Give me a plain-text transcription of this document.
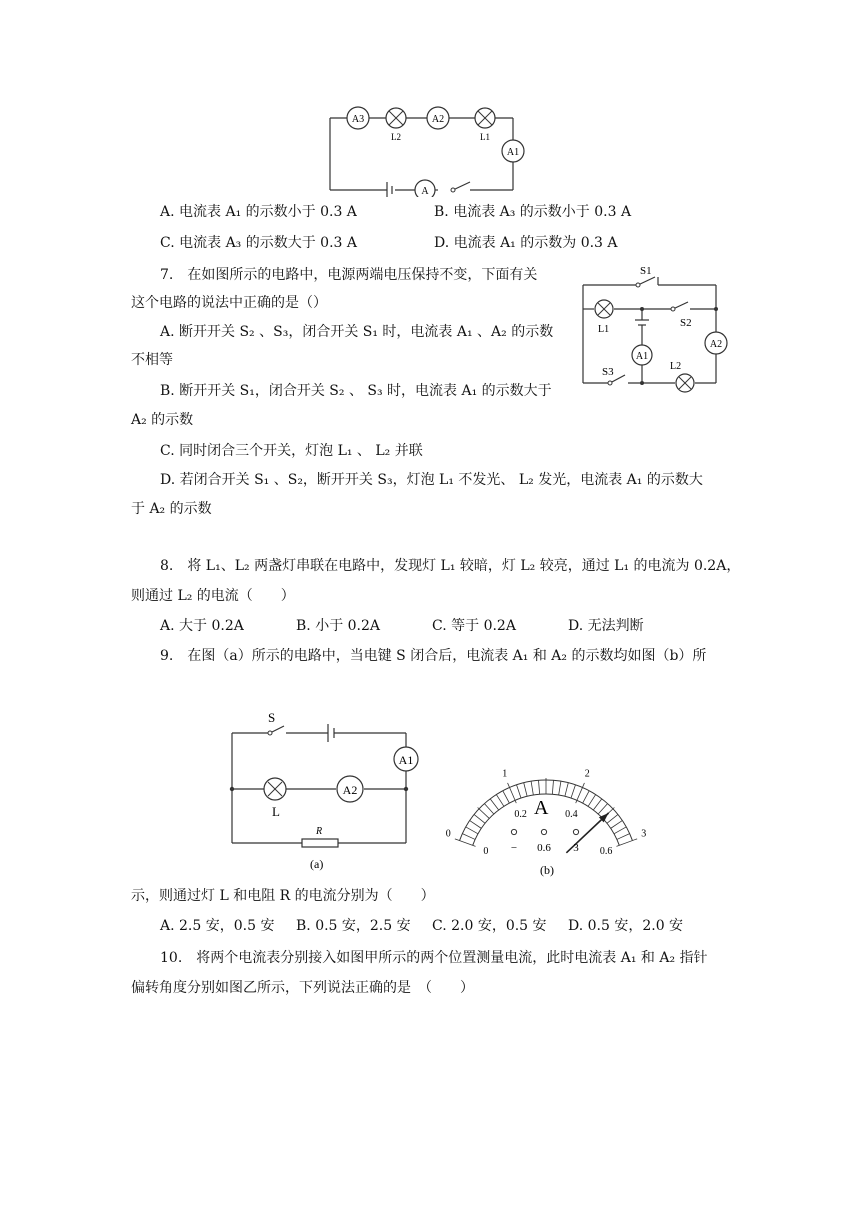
A3
L2
A2
L1
A1
A
A. 电流表 A₁ 的示数小于 0.3 A	B. 电流表 A₃ 的示数小于 0.3 A
C. 电流表 A₃ 的示数大于 0.3 A	D. 电流表 A₁ 的示数为 0.3 A
7.　在如图所示的电路中，电源两端电压保持不变，下面有关
这个电路的说法中正确的是（）
A. 断开开关 S₂ 、S₃，闭合开关 S₁ 时，电流表 A₁ 、A₂ 的示数
不相等
B. 断开开关 S₁，闭合开关 S₂ 、 S₃ 时，电流表 A₁ 的示数大于
A₂ 的示数
C. 同时闭合三个开关，灯泡 L₁ 、 L₂ 并联
D. 若闭合开关 S₁ 、S₂，断开开关 S₃，灯泡 L₁ 不发光、 L₂ 发光，电流表 A₁ 的示数大
于 A₂ 的示数
S1
S2
S3
L1
A1
A2
L2
8.　将 L₁、L₂ 两盏灯串联在电路中，发现灯 L₁ 较暗，灯 L₂ 较亮，通过 L₁ 的电流为 0.2A，
则通过 L₂ 的电流（　　）
A. 大于 0.2A	B. 小于 0.2A	C. 等于 0.2A	D. 无法判断
9.　在图（a）所示的电路中，当电键 S 闭合后，电流表 A₁ 和 A₂ 的示数均如图（b）所
S
A1
L
A2
R
(a)
0
1	2
3
0
0.2	0.4
0.6
A
− 0.6 3
(b)
示，则通过灯 L 和电阻 R 的电流分别为（　　）
A. 2.5 安，0.5 安 B. 0.5 安，2.5 安 C. 2.0 安，0.5 安 D. 0.5 安，2.0 安
10.　将两个电流表分别接入如图甲所示的两个位置测量电流，此时电流表 A₁ 和 A₂ 指针
偏转角度分别如图乙所示，下列说法正确的是　（　　）
